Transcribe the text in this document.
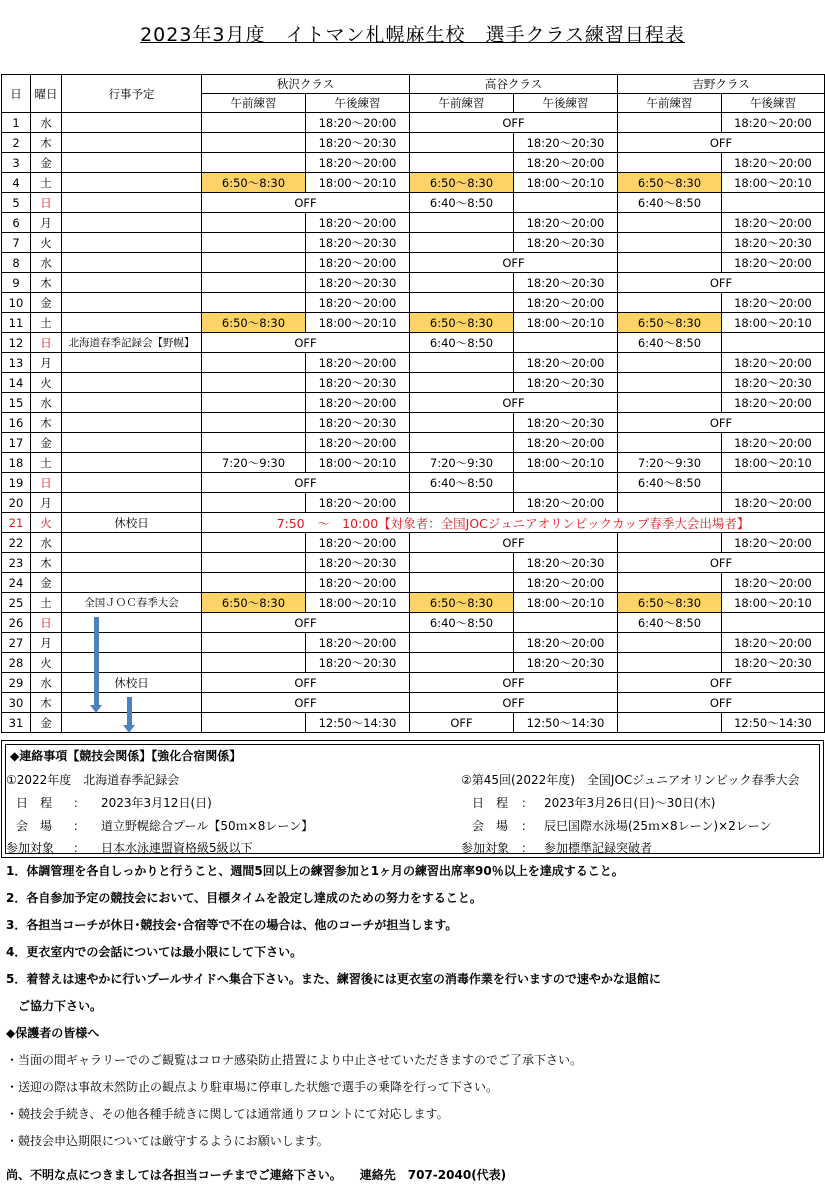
2023年3月度　イトマン札幌麻生校　選手クラス練習日程表
日	曜日	行事予定	秋沢クラス		高谷クラス		吉野クラス	
			午前練習	午後練習	午前練習	午後練習	午前練習	午後練習
1	水			18:20～20:00	OFF			18:20～20:00
2	木			18:20～20:30		18:20～20:30	OFF	
3	金			18:20～20:00		18:20～20:00		18:20～20:00
4	土		6:50～8:30	18:00～20:10	6:50～8:30	18:00～20:10	6:50～8:30	18:00～20:10
5	日		OFF		6:40～8:50		6:40～8:50	
6	月			18:20～20:00		18:20～20:00		18:20～20:00
7	火			18:20～20:30		18:20～20:30		18:20～20:30
8	水			18:20～20:00	OFF			18:20～20:00
9	木			18:20～20:30		18:20～20:30	OFF	
10	金			18:20～20:00		18:20～20:00		18:20～20:00
11	土		6:50～8:30	18:00～20:10	6:50～8:30	18:00～20:10	6:50～8:30	18:00～20:10
12	日	北海道春季記録会【野幌】	OFF		6:40～8:50		6:40～8:50	
13	月			18:20～20:00		18:20～20:00		18:20～20:00
14	火			18:20～20:30		18:20～20:30		18:20～20:30
15	水			18:20～20:00	OFF			18:20～20:00
16	木			18:20～20:30		18:20～20:30	OFF	
17	金			18:20～20:00		18:20～20:00		18:20～20:00
18	土		7:20～9:30	18:00～20:10	7:20～9:30	18:00～20:10	7:20～9:30	18:00～20:10
19	日		OFF		6:40～8:50		6:40～8:50	
20	月			18:20～20:00		18:20～20:00		18:20～20:00
21	火	休校日	7:50　～　10:00【対象者：全国JOCジュニアオリンピックカップ春季大会出場者】					
22	水			18:20～20:00	OFF			18:20～20:00
23	木			18:20～20:30		18:20～20:30	OFF	
24	金			18:20～20:00		18:20～20:00		18:20～20:00
25	土	全国ＪＯＣ春季大会	6:50～8:30	18:00～20:10	6:50～8:30	18:00～20:10	6:50～8:30	18:00～20:10
26	日		OFF		6:40～8:50		6:40～8:50	
27	月			18:20～20:00		18:20～20:00		18:20～20:00
28	火			18:20～20:30		18:20～20:30		18:20～20:30
29	水	休校日	OFF		OFF		OFF	
30	木		OFF		OFF		OFF	
31	金			12:50～14:30	OFF	12:50～14:30		12:50～14:30
◆連絡事項【競技会関係】【強化合宿関係】
①2022年度　北海道春季記録会
日　程 ： 2023年3月12日(日)
会　場 ： 道立野幌総合プール【50ｍ×8レーン】
参加対象 ： 日本水泳連盟資格級5級以下
②第45回(2022年度)　全国JOCジュニアオリンピック春季大会
日　程 ： 2023年3月26日(日)～30日(木)
会　場 ： 辰巳国際水泳場(25ｍ×8レーン)×2レーン
参加対象 ： 参加標準記録突破者
1．体調管理を各自しっかりと行うこと、週間5回以上の練習参加と1ヶ月の練習出席率90％以上を達成すること。
2．各自参加予定の競技会において、目標タイムを設定し達成のための努力をすること。
3．各担当コーチが休日･競技会･合宿等で不在の場合は、他のコーチが担当します。
4．更衣室内での会話については最小限にして下さい。
5．着替えは速やかに行いプールサイドへ集合下さい。また、練習後には更衣室の消毒作業を行いますので速やかな退館に
　ご協力下さい。
◆保護者の皆様へ
・当面の間ギャラリーでのご観覧はコロナ感染防止措置により中止させていただきますのでご了承下さい。
・送迎の際は事故未然防止の観点より駐車場に停車した状態で選手の乗降を行って下さい。
・競技会手続き、その他各種手続きに関しては通常通りフロントにて対応します。
・競技会申込期限については厳守するようにお願いします。
尚、不明な点につきましては各担当コーチまでご連絡下さい。　　連絡先　707-2040(代表)
